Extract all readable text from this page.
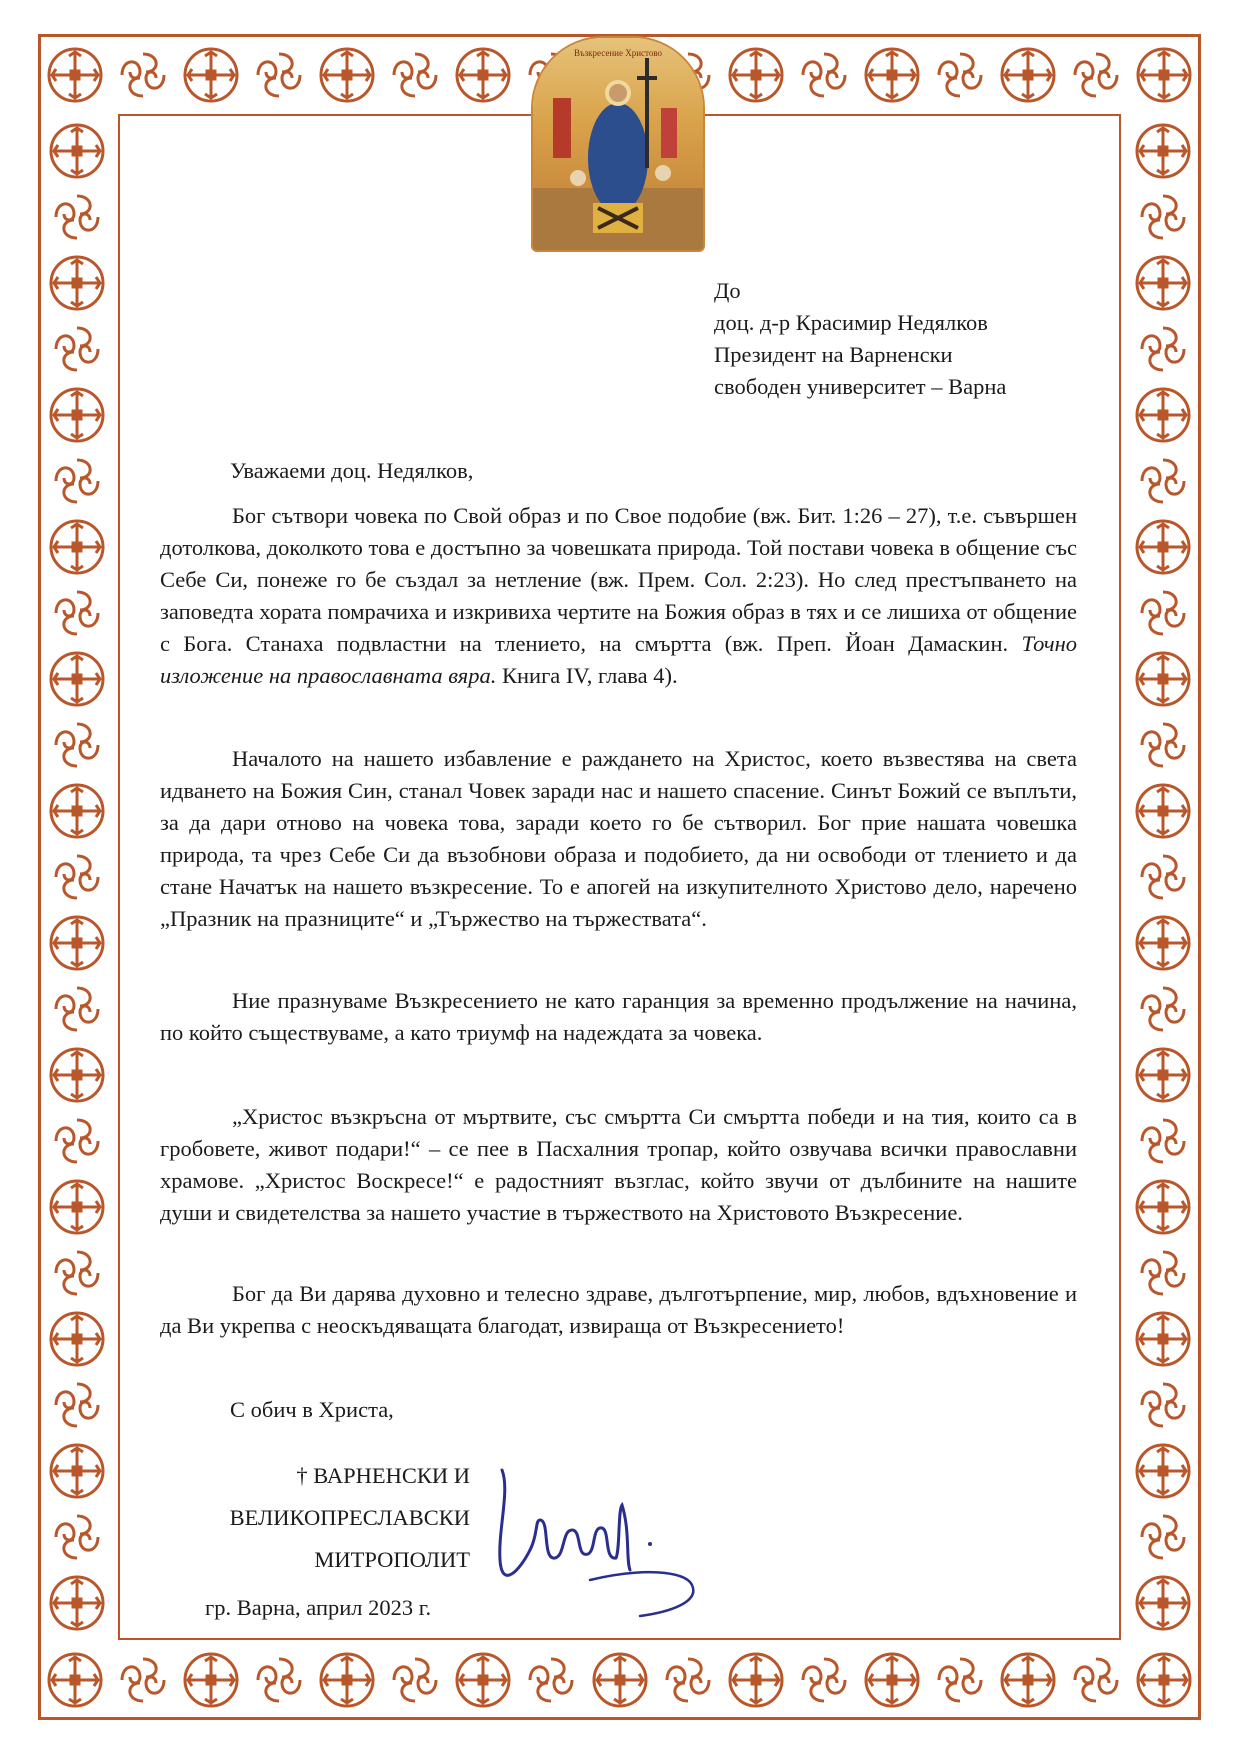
Възкресение Христово
До
доц. д-р Красимир Недялков
Президент на Варненски
свободен университет – Варна
Уважаеми доц. Недялков,

Бог сътвори човека по Свой образ и по Свое подобие (вж. Бит. 1:26 – 27), т.е. съвършен дотолкова, доколкото това е достъпно за човешката природа. Той постави човека в общение със Себе Си, понеже го бе създал за нетление (вж. Прем. Сол. 2:23). Но след престъпването на заповедта хората помрачиха и изкривиха чертите на Божия образ в тях и се лишиха от общение с Бога. Станаха подвластни на тлението, на смъртта (вж. Преп. Йоан Дамаскин. Точно изложение на православната вяра. Книга IV, глава 4).

Началото на нашето избавление е раждането на Христос, което възвестява на света идването на Божия Син, станал Човек заради нас и нашето спасение. Синът Божий се въплъти, за да дари отново на човека това, заради което го бе сътворил. Бог прие нашата човешка природа, та чрез Себе Си да възобнови образа и подобието, да ни освободи от тлението и да стане Начатък на нашето възкресение. То е апогей на изкупителното Христово дело, наречено „Празник на празниците“ и „Тържество на тържествата“.

Ние празнуваме Възкресението не като гаранция за временно продължение на начина, по който съществуваме, а като триумф на надеждата за човека.

„Христос възкръсна от мъртвите, със смъртта Си смъртта победи и на тия, които са в гробовете, живот подари!“ – се пее в Пасхалния тропар, който озвучава всички православни храмове. „Христос Воскресе!“ е радостният възглас, който звучи от дълбините на нашите души и свидетелства за нашето участие в тържеството на Христовото Възкресение.

Бог да Ви дарява духовно и телесно здраве, дълготърпение, мир, любов, вдъхновение и да Ви укрепва с неоскъдяващата благодат, извираща от Възкресението!

С обич в Христа,
† ВАРНЕНСКИ И
ВЕЛИКОПРЕСЛАВСКИ
МИТРОПОЛИТ
гр. Варна, април 2023 г.
